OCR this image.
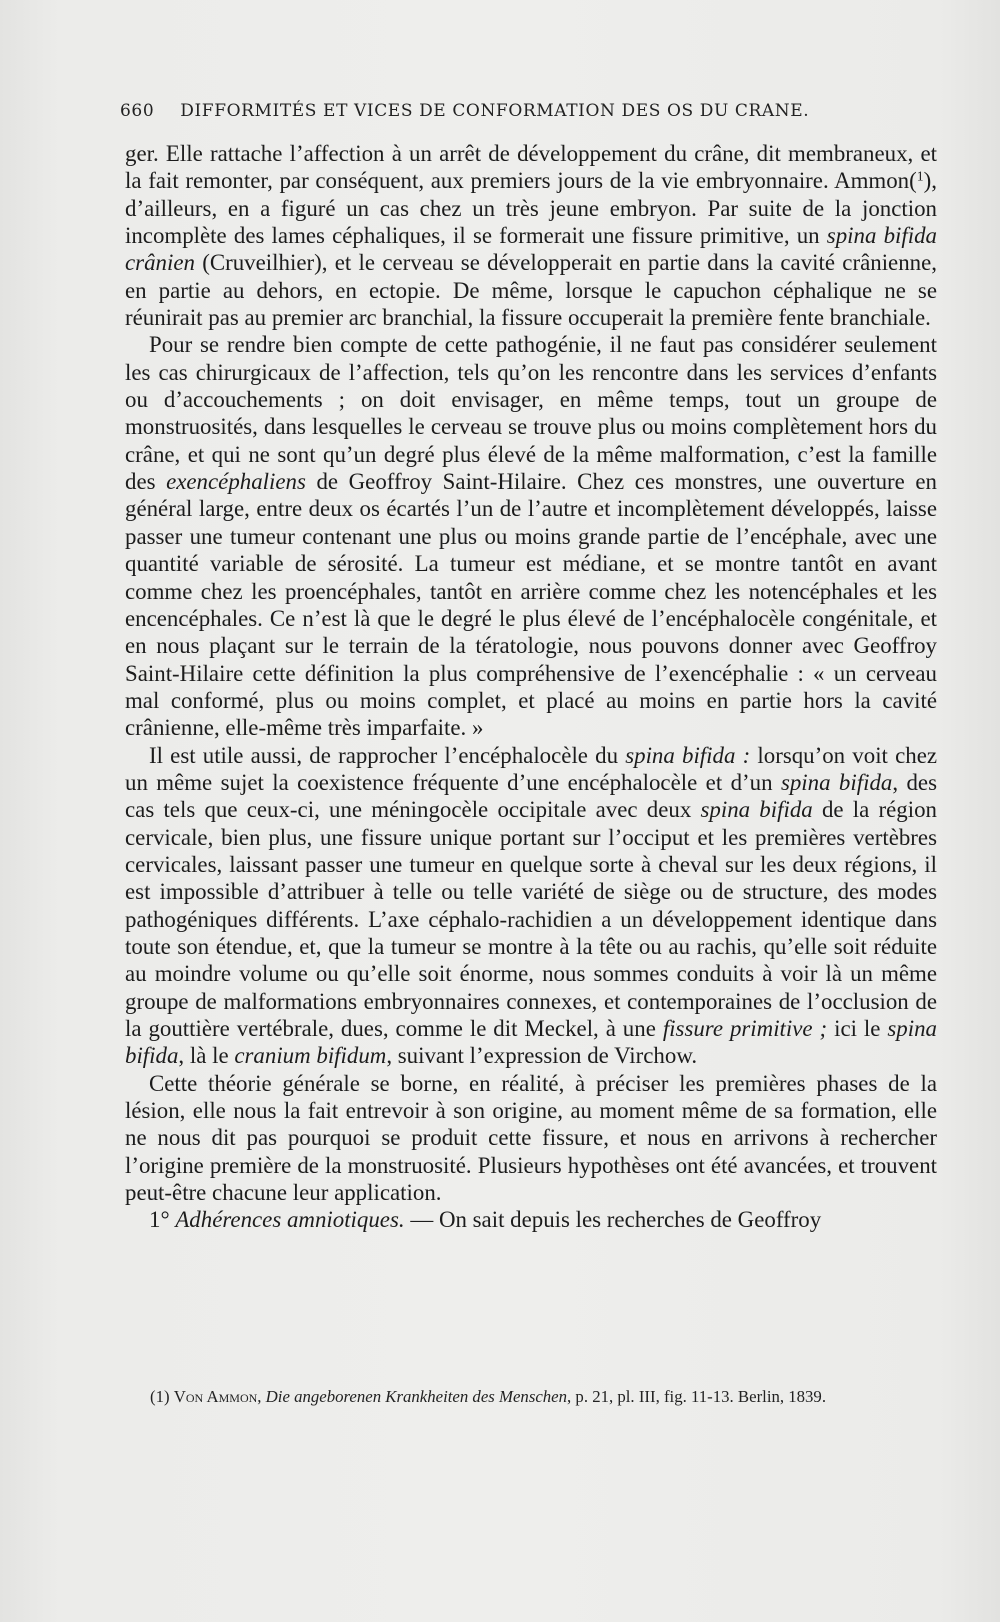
660 DIFFORMITÉS ET VICES DE CONFORMATION DES OS DU CRANE.

ger. Elle rattache l’affection à un arrêt de développement du crâne, dit membraneux, et la fait remonter, par conséquent, aux premiers jours de la vie embryonnaire. Ammon($^1$), d’ailleurs, en a figuré un cas chez un très jeune embryon. Par suite de la jonction incomplète des lames céphaliques, il se formerait une fissure primitive, un spina bifida crânien (Cruveilhier), et le cerveau se développerait en partie dans la cavité crânienne, en partie au dehors, en ectopie. De même, lorsque le capuchon céphalique ne se réunirait pas au premier arc branchial, la fissure occuperait la première fente branchiale.

Pour se rendre bien compte de cette pathogénie, il ne faut pas considérer seulement les cas chirurgicaux de l’affection, tels qu’on les rencontre dans les services d’enfants ou d’accouchements ; on doit envisager, en même temps, tout un groupe de monstruosités, dans lesquelles le cerveau se trouve plus ou moins complètement hors du crâne, et qui ne sont qu’un degré plus élevé de la même malformation, c’est la famille des exencéphaliens de Geoffroy Saint-Hilaire. Chez ces monstres, une ouverture en général large, entre deux os écartés l’un de l’autre et incomplètement développés, laisse passer une tumeur contenant une plus ou moins grande partie de l’encéphale, avec une quantité variable de sérosité. La tumeur est médiane, et se montre tantôt en avant comme chez les proencéphales, tantôt en arrière comme chez les notencéphales et les encencéphales. Ce n’est là que le degré le plus élevé de l’encéphalocèle congénitale, et en nous plaçant sur le terrain de la tératologie, nous pouvons donner avec Geoffroy Saint-Hilaire cette définition la plus compréhensive de l’exencéphalie : « un cerveau mal conformé, plus ou moins complet, et placé au moins en partie hors la cavité crânienne, elle-même très imparfaite. »

Il est utile aussi, de rapprocher l’encéphalocèle du spina bifida : lorsqu’on voit chez un même sujet la coexistence fréquente d’une encéphalocèle et d’un spina bifida, des cas tels que ceux-ci, une méningocèle occipitale avec deux spina bifida de la région cervicale, bien plus, une fissure unique portant sur l’occiput et les premières vertèbres cervicales, laissant passer une tumeur en quelque sorte à cheval sur les deux régions, il est impossible d’attribuer à telle ou telle variété de siège ou de structure, des modes pathogéniques différents. L’axe céphalo-rachidien a un développement identique dans toute son étendue, et, que la tumeur se montre à la tête ou au rachis, qu’elle soit réduite au moindre volume ou qu’elle soit énorme, nous sommes conduits à voir là un même groupe de malformations embryonnaires connexes, et contemporaines de l’occlusion de la gouttière vertébrale, dues, comme le dit Meckel, à une fissure primitive ; ici le spina bifida, là le cranium bifidum, suivant l’expression de Virchow.

Cette théorie générale se borne, en réalité, à préciser les premières phases de la lésion, elle nous la fait entrevoir à son origine, au moment même de sa formation, elle ne nous dit pas pourquoi se produit cette fissure, et nous en arrivons à rechercher l’origine première de la monstruosité. Plusieurs hypothèses ont été avancées, et trouvent peut-être chacune leur application.

1° Adhérences amniotiques. — On sait depuis les recherches de Geoffroy

(1) Von Ammon, Die angeborenen Krankheiten des Menschen, p. 21, pl. III, fig. 11-13. Berlin, 1839.
